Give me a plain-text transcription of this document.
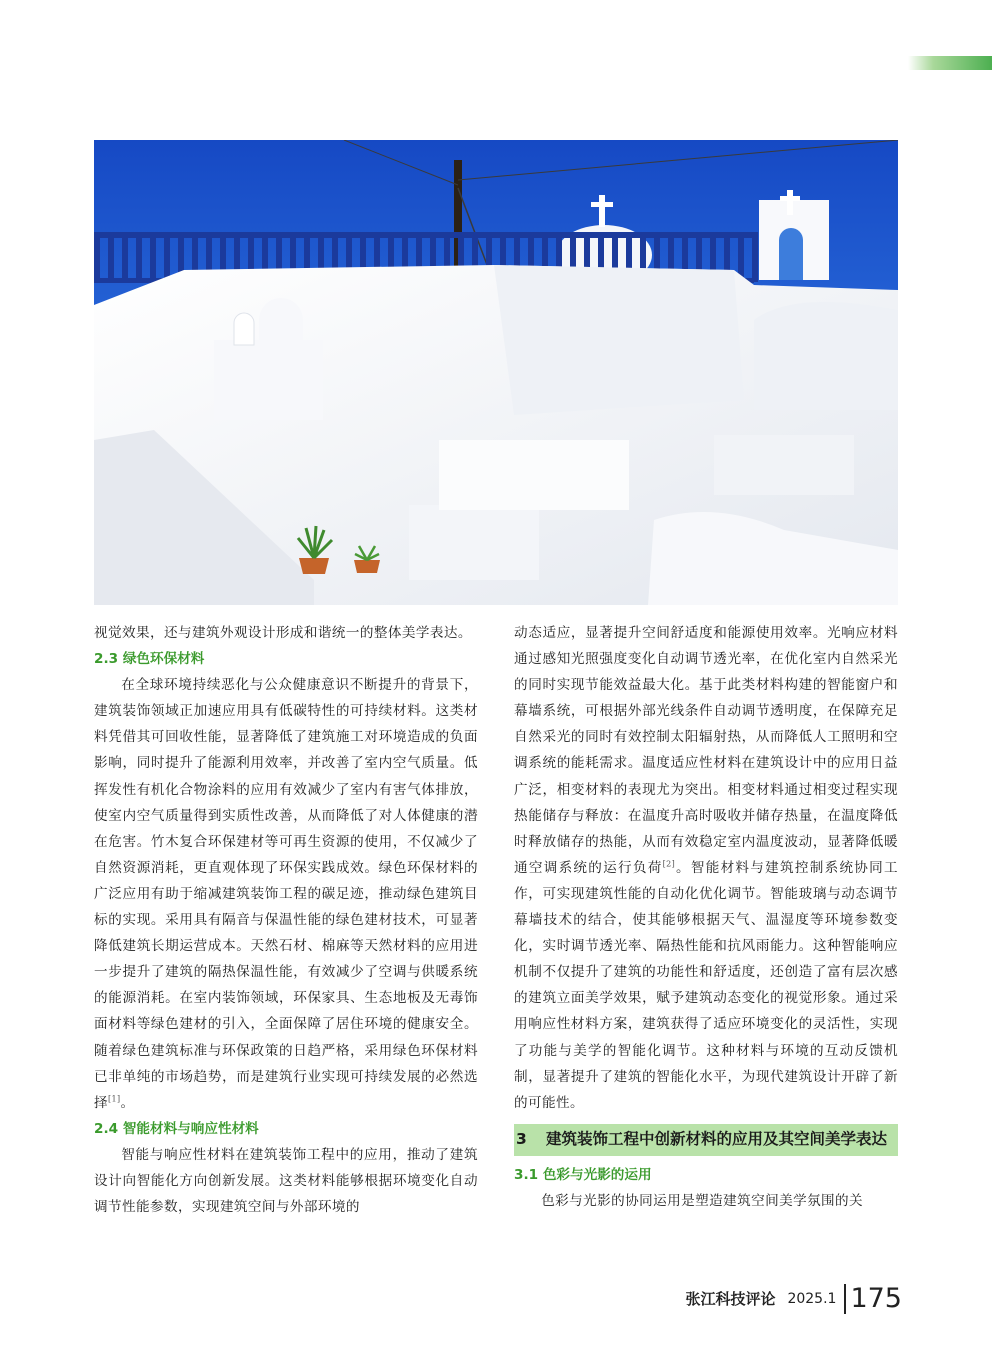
视觉效果，还与建筑外观设计形成和谐统一的整体美学表达。

2.3 绿色环保材料

在全球环境持续恶化与公众健康意识不断提升的背景下，建筑装饰领域正加速应用具有低碳特性的可持续材料。这类材料凭借其可回收性能，显著降低了建筑施工对环境造成的负面影响，同时提升了能源利用效率，并改善了室内空气质量。低挥发性有机化合物涂料的应用有效减少了室内有害气体排放，使室内空气质量得到实质性改善，从而降低了对人体健康的潜在危害。竹木复合环保建材等可再生资源的使用，不仅减少了自然资源消耗，更直观体现了环保实践成效。绿色环保材料的广泛应用有助于缩减建筑装饰工程的碳足迹，推动绿色建筑目标的实现。采用具有隔音与保温性能的绿色建材技术，可显著降低建筑长期运营成本。天然石材、棉麻等天然材料的应用进一步提升了建筑的隔热保温性能，有效减少了空调与供暖系统的能源消耗。在室内装饰领域，环保家具、生态地板及无毒饰面材料等绿色建材的引入，全面保障了居住环境的健康安全。随着绿色建筑标准与环保政策的日趋严格，采用绿色环保材料已非单纯的市场趋势，而是建筑行业实现可持续发展的必然选择[1]。

2.4 智能材料与响应性材料

智能与响应性材料在建筑装饰工程中的应用，推动了建筑设计向智能化方向创新发展。这类材料能够根据环境变化自动调节性能参数，实现建筑空间与外部环境的

动态适应，显著提升空间舒适度和能源使用效率。光响应材料通过感知光照强度变化自动调节透光率，在优化室内自然采光的同时实现节能效益最大化。基于此类材料构建的智能窗户和幕墙系统，可根据外部光线条件自动调节透明度，在保障充足自然采光的同时有效控制太阳辐射热，从而降低人工照明和空调系统的能耗需求。温度适应性材料在建筑设计中的应用日益广泛，相变材料的表现尤为突出。相变材料通过相变过程实现热能储存与释放：在温度升高时吸收并储存热量，在温度降低时释放储存的热能，从而有效稳定室内温度波动，显著降低暖通空调系统的运行负荷[2]。智能材料与建筑控制系统协同工作，可实现建筑性能的自动化优化调节。智能玻璃与动态调节幕墙技术的结合，使其能够根据天气、温湿度等环境参数变化，实时调节透光率、隔热性能和抗风雨能力。这种智能响应机制不仅提升了建筑的功能性和舒适度，还创造了富有层次感的建筑立面美学效果，赋予建筑动态变化的视觉形象。通过采用响应性材料方案，建筑获得了适应环境变化的灵活性，实现了功能与美学的智能化调节。这种材料与环境的互动反馈机制，显著提升了建筑的智能化水平，为现代建筑设计开辟了新的可能性。

3	建筑装饰工程中创新材料的应用及其空间美学表达

3.1 色彩与光影的运用

色彩与光影的协同运用是塑造建筑空间美学氛围的关

张江科技评论 2025.1 175
